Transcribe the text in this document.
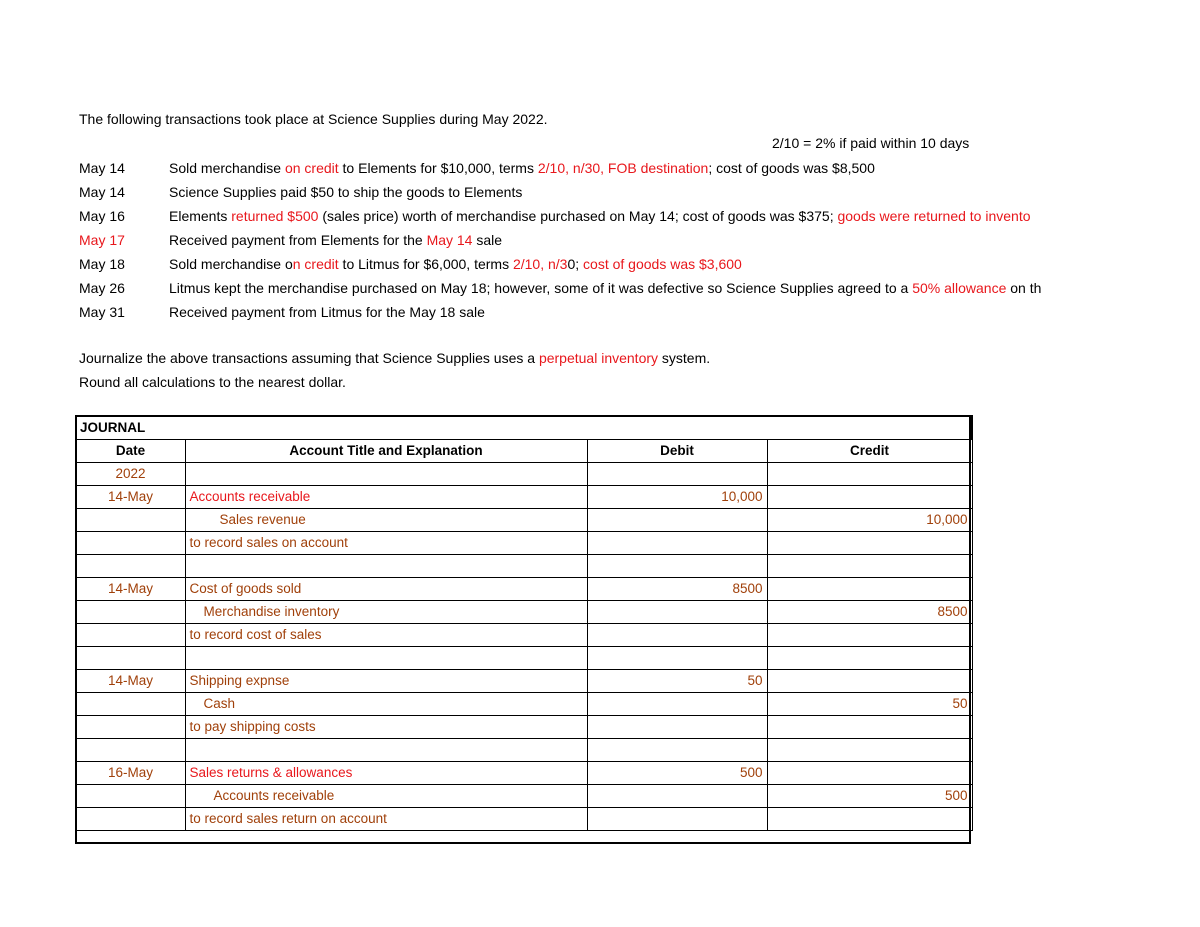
The following transactions took place at Science Supplies during May 2022.
2/10 = 2% if paid within 10 days
May 14	Sold merchandise on credit to Elements for $10,000, terms 2/10, n/30, FOB destination; cost of goods was $8,500
May 14	Science Supplies paid $50 to ship the goods to Elements
May 16	Elements returned $500 (sales price) worth of merchandise purchased on May 14; cost of goods was $375; goods were returned to invento
May 17	Received payment from Elements for the May 14 sale
May 18	Sold merchandise on credit to Litmus for $6,000, terms 2/10, n/30; cost of goods was $3,600
May 26	Litmus kept the merchandise purchased on May 18; however, some of it was defective so Science Supplies agreed to a 50% allowance on th
May 31	Received payment from Litmus for the May 18 sale
Journalize the above transactions assuming that Science Supplies uses a perpetual inventory system.
Round all calculations to the nearest dollar.
JOURNAL			
Date	Account Title and Explanation	Debit	Credit
2022			
14-May	Accounts receivable	10,000	
	Sales revenue		10,000
	to record sales on account		

14-May	Cost of goods sold	8500	
	Merchandise inventory		8500
	to record cost of sales		

14-May	Shipping expnse	50	
	Cash		50
	to pay shipping costs		

16-May	Sales returns & allowances	500	
	Accounts receivable		500
	to record sales return on account		
